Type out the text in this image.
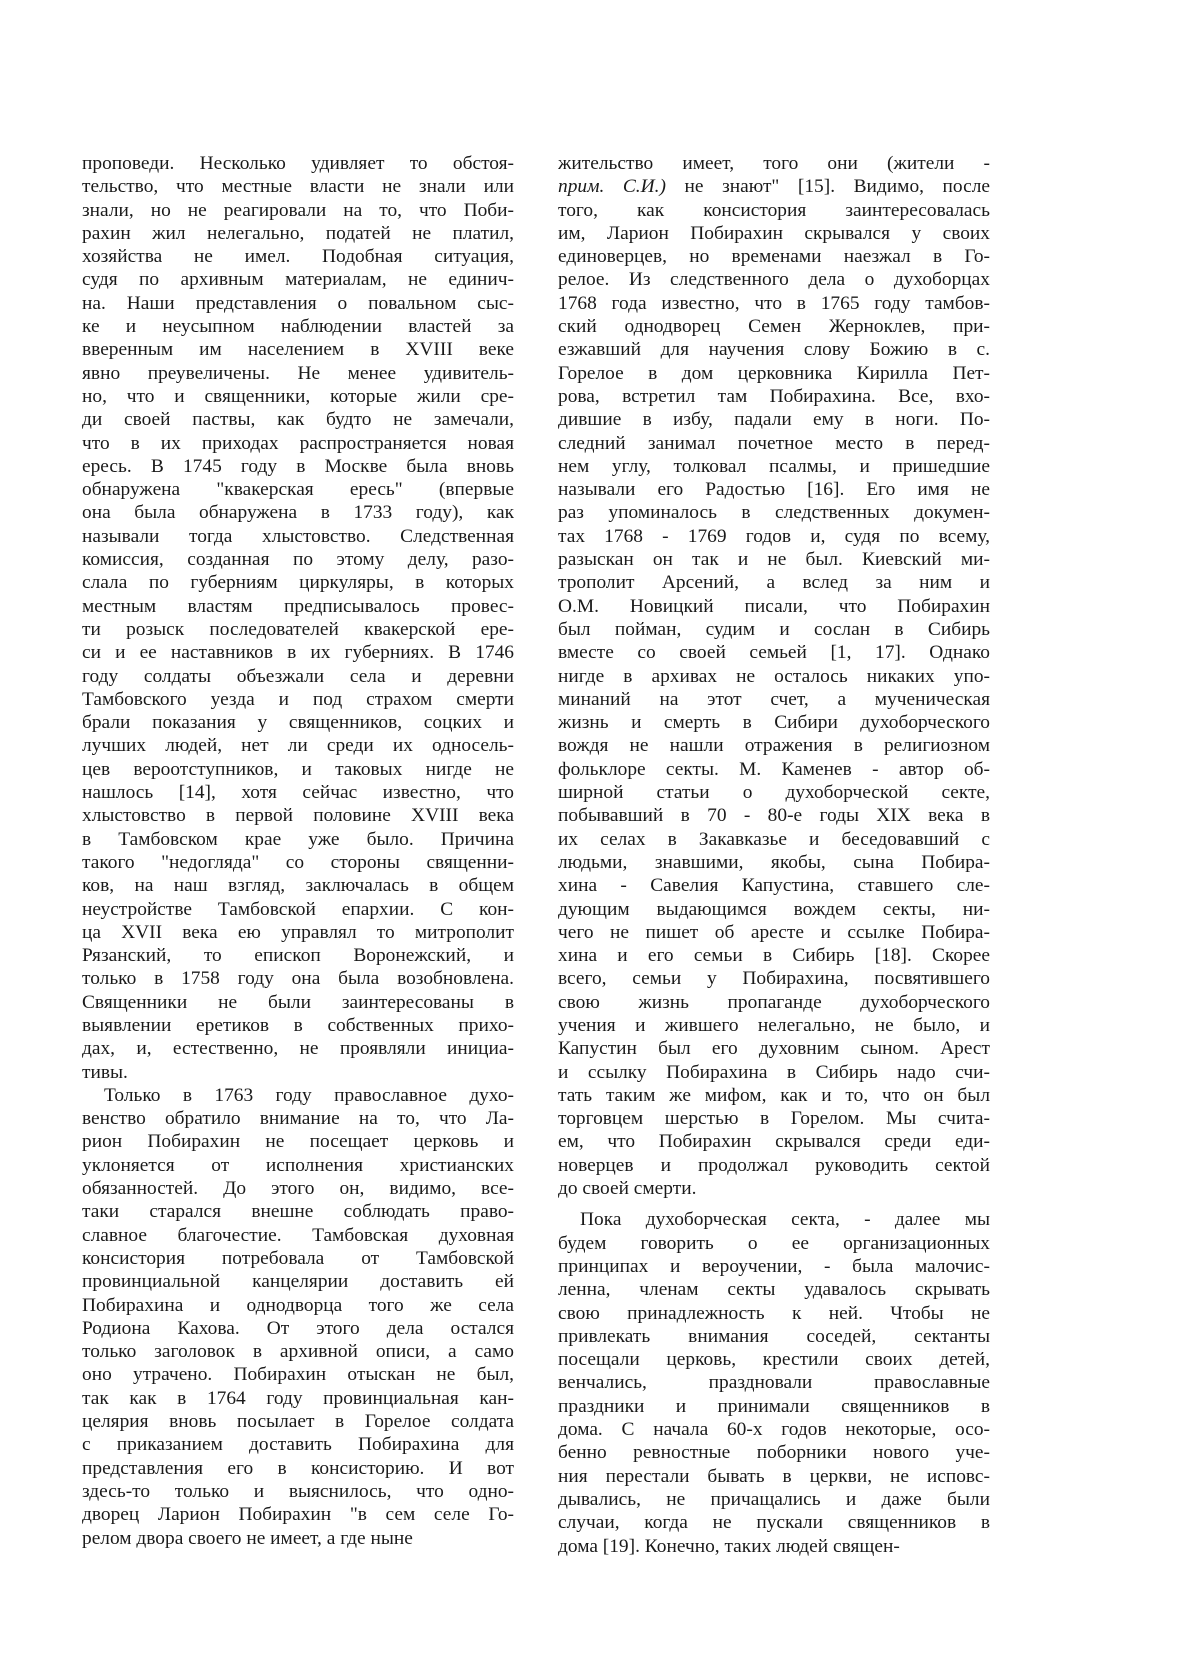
проповеди. Несколько удивляет то обстоя-
тельство, что местные власти не знали или
знали, но не реагировали на то, что Поби-
рахин жил нелегально, податей не платил,
хозяйства не имел. Подобная ситуация,
судя по архивным материалам, не единич-
на. Наши представления о повальном сыс-
ке и неусыпном наблюдении властей за
вверенным им населением в XVIII веке
явно преувеличены. Не менее удивитель-
но, что и священники, которые жили сре-
ди своей паствы, как будто не замечали,
что в их приходах распространяется новая
ересь. В 1745 году в Москве была вновь
обнаружена "квакерская ересь" (впервые
она была обнаружена в 1733 году), как
называли тогда хлыстовство. Следственная
комиссия, созданная по этому делу, разо-
слала по губерниям циркуляры, в которых
местным властям предписывалось провес-
ти розыск последователей квакерской ере-
си и ее наставников в их губерниях. В 1746
году солдаты объезжали села и деревни
Тамбовского уезда и под страхом смерти
брали показания у священников, соцких и
лучших людей, нет ли среди их односель-
цев вероотступников, и таковых нигде не
нашлось [14], хотя сейчас известно, что
хлыстовство в первой половине XVIII века
в Тамбовском крае уже было. Причина
такого "недогляда" со стороны священни-
ков, на наш взгляд, заключалась в общем
неустройстве Тамбовской епархии. С кон-
ца XVII века ею управлял то митрополит
Рязанский, то епископ Воронежский, и
только в 1758 году она была возобновлена.
Священники не были заинтересованы в
выявлении еретиков в собственных прихо-
дах, и, естественно, не проявляли инициа-
тивы.
Только в 1763 году православное духо-
венство обратило внимание на то, что Ла-
рион Побирахин не посещает церковь и
уклоняется от исполнения христианских
обязанностей. До этого он, видимо, все-
таки старался внешне соблюдать право-
славное благочестие. Тамбовская духовная
консистория потребовала от Тамбовской
провинциальной канцелярии доставить ей
Побирахина и однодворца того же села
Родиона Кахова. От этого дела остался
только заголовок в архивной описи, а само
оно утрачено. Побирахин отыскан не был,
так как в 1764 году провинциальная кан-
целярия вновь посылает в Горелое солдата
с приказанием доставить Побирахина для
представления его в консисторию. И вот
здесь-то только и выяснилось, что одно-
дворец Ларион Побирахин "в сем селе Го-
релом двора своего не имеет, а где ныне
жительство имеет, того они (жители -
прим. С.И.) не знают" [15]. Видимо, после
того, как консистория заинтересовалась
им, Ларион Побирахин скрывался у своих
единоверцев, но временами наезжал в Го-
релое. Из следственного дела о духоборцах
1768 года известно, что в 1765 году тамбов-
ский однодворец Семен Жерноклев, при-
езжавший для научения слову Божию в с.
Горелое в дом церковника Кирилла Пет-
рова, встретил там Побирахина. Все, вхо-
дившие в избу, падали ему в ноги. По-
следний занимал почетное место в перед-
нем углу, толковал псалмы, и пришедшие
называли его Радостью [16]. Его имя не
раз упоминалось в следственных докумен-
тах 1768 - 1769 годов и, судя по всему,
разыскан он так и не был. Киевский ми-
трополит Арсений, а вслед за ним и
О.М. Новицкий писали, что Побирахин
был пойман, судим и сослан в Сибирь
вместе со своей семьей [1, 17]. Однако
нигде в архивах не осталось никаких упо-
минаний на этот счет, а мученическая
жизнь и смерть в Сибири духоборческого
вождя не нашли отражения в религиозном
фольклоре секты. М. Каменев - автор об-
ширной статьи о духоборческой секте,
побывавший в 70 - 80-е годы XIX века в
их селах в Закавказье и беседовавший с
людьми, знавшими, якобы, сына Побира-
хина - Савелия Капустина, ставшего сле-
дующим выдающимся вождем секты, ни-
чего не пишет об аресте и ссылке Побира-
хина и его семьи в Сибирь [18]. Скорее
всего, семьи у Побирахина, посвятившего
свою жизнь пропаганде духоборческого
учения и жившего нелегально, не было, и
Капустин был его духовним сыном. Арест
и ссылку Побирахина в Сибирь надо счи-
тать таким же мифом, как и то, что он был
торговцем шерстью в Горелом. Мы счита-
ем, что Побирахин скрывался среди еди-
новерцев и продолжал руководить сектой
до своей смерти.
Пока духоборческая секта, - далее мы
будем говорить о ее организационных
принципах и вероучении, - была малочис-
ленна, членам секты удавалось скрывать
свою принадлежность к ней. Чтобы не
привлекать внимания соседей, сектанты
посещали церковь, крестили своих детей,
венчались, праздновали православные
праздники и принимали священников в
дома. С начала 60-х годов некоторые, осо-
бенно ревностные поборники нового уче-
ния перестали бывать в церкви, не исповс-
дывались, не причащались и даже были
случаи, когда не пускали священников в
дома [19]. Конечно, таких людей священ-
